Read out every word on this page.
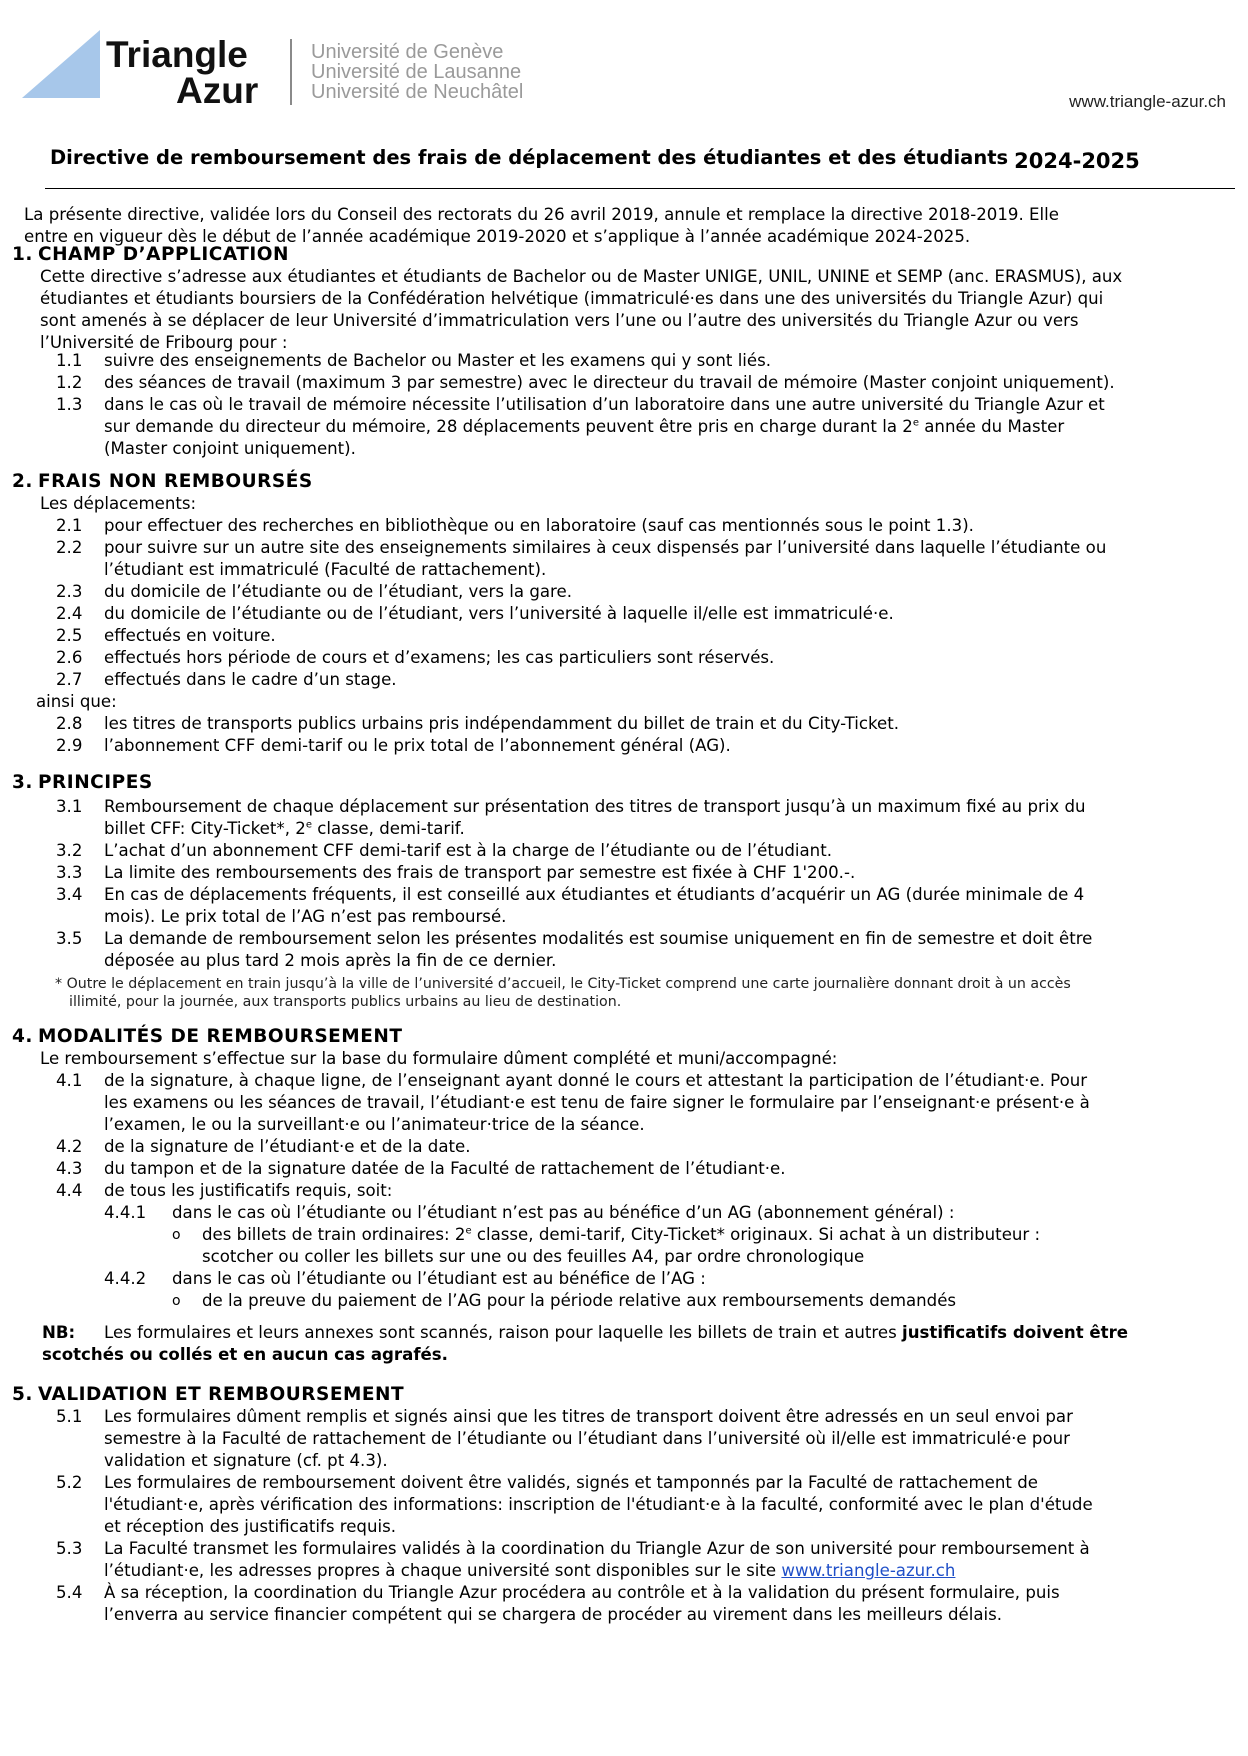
Triangle
Azur
Université de Genève
Université de Lausanne
Université de Neuchâtel	www.triangle-azur.ch
Directive de remboursement des frais de déplacement des étudiantes et des étudiants 2024-2025
La présente directive, validée lors du Conseil des rectorats du 26 avril 2019, annule et remplace la directive 2018-2019. Elle
entre en vigueur dès le début de l’année académique 2019-2020 et s’applique à l’année académique 2024-2025.
1. CHAMP D’APPLICATION
Cette directive s’adresse aux étudiantes et étudiants de Bachelor ou de Master UNIGE, UNIL, UNINE et SEMP (anc. ERASMUS), aux
étudiantes et étudiants boursiers de la Confédération helvétique (immatriculé·es dans une des universités du Triangle Azur) qui
sont amenés à se déplacer de leur Université d’immatriculation vers l’une ou l’autre des universités du Triangle Azur ou vers
l’Université de Fribourg pour :
1.1 suivre des enseignements de Bachelor ou Master et les examens qui y sont liés.
1.2 des séances de travail (maximum 3 par semestre) avec le directeur du travail de mémoire (Master conjoint uniquement).
1.3 dans le cas où le travail de mémoire nécessite l’utilisation d’un laboratoire dans une autre université du Triangle Azur et
sur demande du directeur du mémoire, 28 déplacements peuvent être pris en charge durant la 2e année du Master
(Master conjoint uniquement).
2. FRAIS NON REMBOURSÉS
Les déplacements:
2.1 pour effectuer des recherches en bibliothèque ou en laboratoire (sauf cas mentionnés sous le point 1.3).
2.2 pour suivre sur un autre site des enseignements similaires à ceux dispensés par l’université dans laquelle l’étudiante ou
l’étudiant est immatriculé (Faculté de rattachement).
2.3 du domicile de l’étudiante ou de l’étudiant, vers la gare.
2.4 du domicile de l’étudiante ou de l’étudiant, vers l’université à laquelle il/elle est immatriculé·e.
2.5 effectués en voiture.
2.6 effectués hors période de cours et d’examens; les cas particuliers sont réservés.
2.7 effectués dans le cadre d’un stage.
ainsi que:
2.8 les titres de transports publics urbains pris indépendamment du billet de train et du City-Ticket.
2.9 l’abonnement CFF demi-tarif ou le prix total de l’abonnement général (AG).
3. PRINCIPES
3.1 Remboursement de chaque déplacement sur présentation des titres de transport jusqu’à un maximum fixé au prix du
billet CFF: City-Ticket*, 2e classe, demi-tarif.
3.2 L’achat d’un abonnement CFF demi-tarif est à la charge de l’étudiante ou de l’étudiant.
3.3 La limite des remboursements des frais de transport par semestre est fixée à CHF 1'200.-.
3.4 En cas de déplacements fréquents, il est conseillé aux étudiantes et étudiants d’acquérir un AG (durée minimale de 4
mois). Le prix total de l’AG n’est pas remboursé.
3.5 La demande de remboursement selon les présentes modalités est soumise uniquement en fin de semestre et doit être
déposée au plus tard 2 mois après la fin de ce dernier.
* Outre le déplacement en train jusqu’à la ville de l’université d’accueil, le City-Ticket comprend une carte journalière donnant droit à un accès
illimité, pour la journée, aux transports publics urbains au lieu de destination.
4. MODALITÉS DE REMBOURSEMENT
Le remboursement s’effectue sur la base du formulaire dûment complété et muni/accompagné:
4.1 de la signature, à chaque ligne, de l’enseignant ayant donné le cours et attestant la participation de l’étudiant·e. Pour
les examens ou les séances de travail, l’étudiant·e est tenu de faire signer le formulaire par l’enseignant·e présent·e à
l’examen, le ou la surveillant·e ou l’animateur·trice de la séance.
4.2 de la signature de l’étudiant·e et de la date.
4.3 du tampon et de la signature datée de la Faculté de rattachement de l’étudiant·e.
4.4 de tous les justificatifs requis, soit:
4.4.1 dans le cas où l’étudiante ou l’étudiant n’est pas au bénéfice d’un AG (abonnement général) :
o des billets de train ordinaires: 2e classe, demi-tarif, City-Ticket* originaux. Si achat à un distributeur :
scotcher ou coller les billets sur une ou des feuilles A4, par ordre chronologique
4.4.2 dans le cas où l’étudiante ou l’étudiant est au bénéfice de l’AG :
o de la preuve du paiement de l’AG pour la période relative aux remboursements demandés
NB: Les formulaires et leurs annexes sont scannés, raison pour laquelle les billets de train et autres justificatifs doivent être
scotchés ou collés et en aucun cas agrafés.
5. VALIDATION ET REMBOURSEMENT
5.1 Les formulaires dûment remplis et signés ainsi que les titres de transport doivent être adressés en un seul envoi par
semestre à la Faculté de rattachement de l’étudiante ou l’étudiant dans l’université où il/elle est immatriculé·e pour
validation et signature (cf. pt 4.3).
5.2 Les formulaires de remboursement doivent être validés, signés et tamponnés par la Faculté de rattachement de
l'étudiant·e, après vérification des informations: inscription de l'étudiant·e à la faculté, conformité avec le plan d'étude
et réception des justificatifs requis.
5.3 La Faculté transmet les formulaires validés à la coordination du Triangle Azur de son université pour remboursement à
l’étudiant·e, les adresses propres à chaque université sont disponibles sur le site www.triangle-azur.ch
5.4 À sa réception, la coordination du Triangle Azur procédera au contrôle et à la validation du présent formulaire, puis
l’enverra au service financier compétent qui se chargera de procéder au virement dans les meilleurs délais.
